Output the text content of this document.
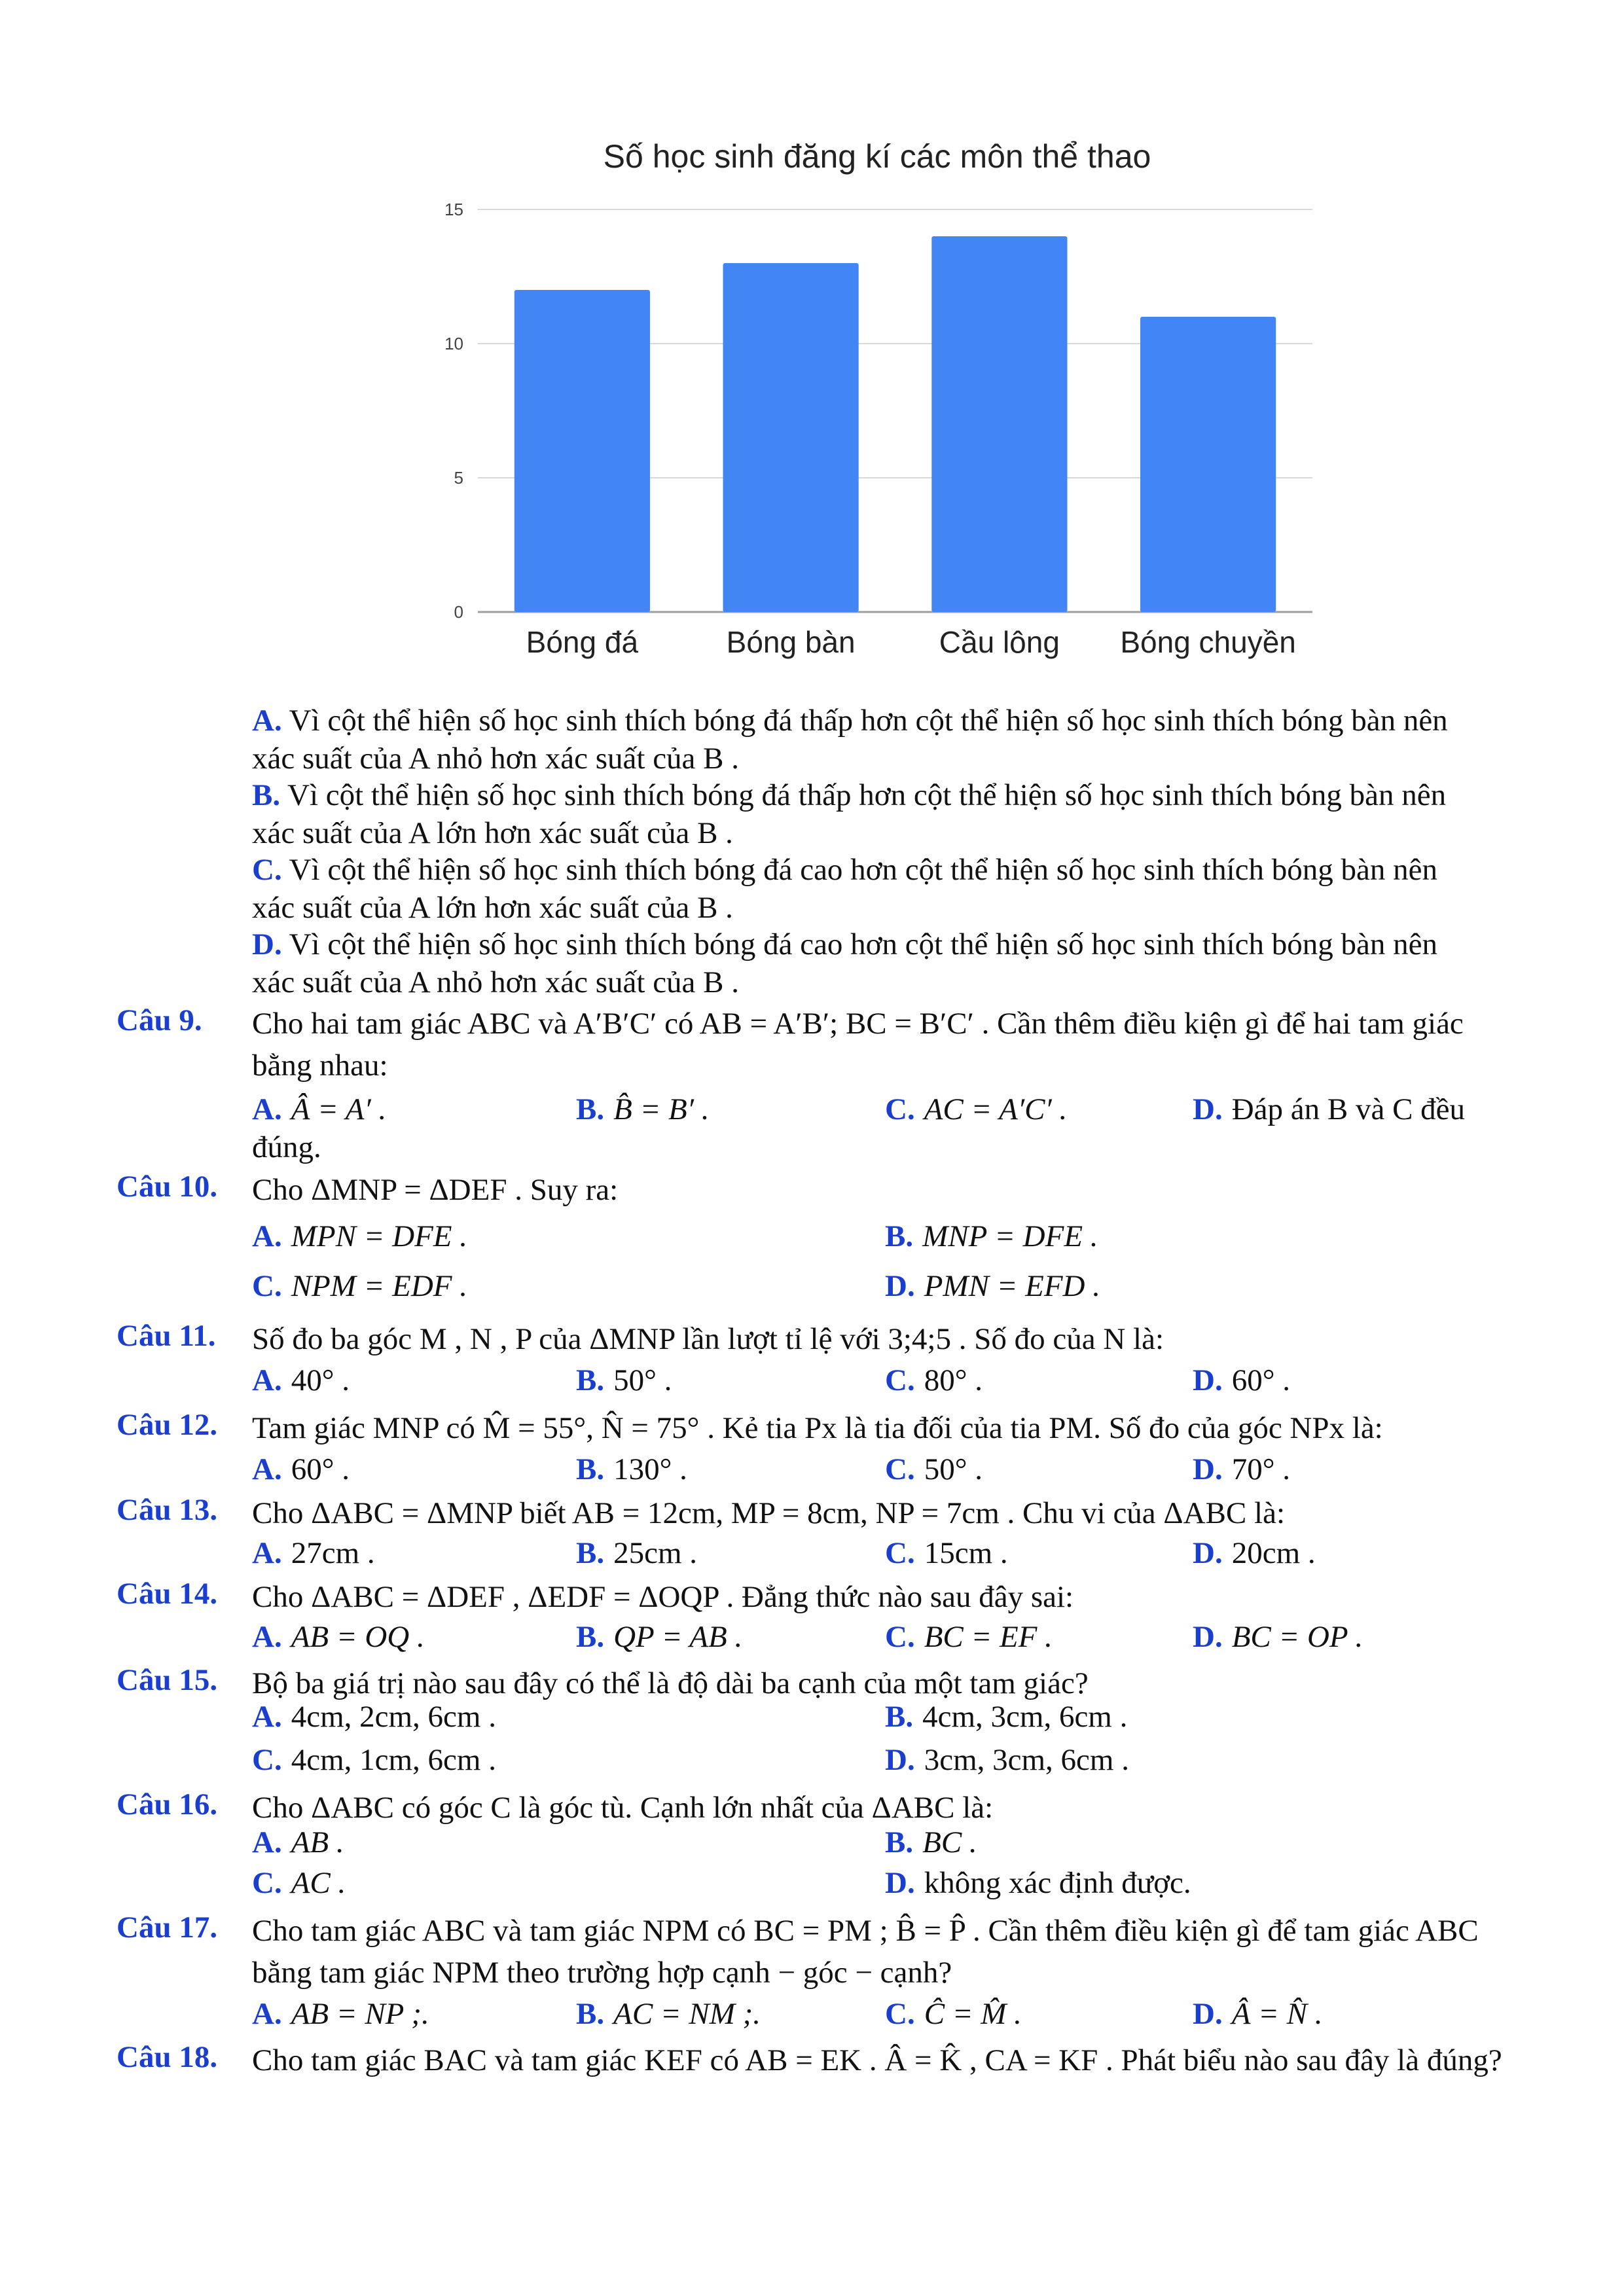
Số học sinh đăng kí các môn thể thao
0
5
10
15
Bóng đá	Bóng bàn	Cầu lông Bóng chuyền
A. Vì cột thể hiện số học sinh thích bóng đá thấp hơn cột thể hiện số học sinh thích bóng bàn nên
xác suất của A nhỏ hơn xác suất của B .
B. Vì cột thể hiện số học sinh thích bóng đá thấp hơn cột thể hiện số học sinh thích bóng bàn nên
xác suất của A lớn hơn xác suất của B .
C. Vì cột thể hiện số học sinh thích bóng đá cao hơn cột thể hiện số học sinh thích bóng bàn nên
xác suất của A lớn hơn xác suất của B .
D. Vì cột thể hiện số học sinh thích bóng đá cao hơn cột thể hiện số học sinh thích bóng bàn nên
xác suất của A nhỏ hơn xác suất của B .
Câu 9.	Cho hai tam giác ABC và A′B′C′ có AB = A′B′; BC = B′C′ . Cần thêm điều kiện gì để hai tam giác bằng nhau:
A. Â = A′ .	B. B̂ = B′ .	C. AC = A′C′ .	D. Đáp án B và C đều
đúng.
Câu 10.	Cho ΔMNP = ΔDEF . Suy ra:
A. MPN = DFE .	B. MNP = DFE .
C. NPM = EDF .	D. PMN = EFD .
Câu 11.	Số đo ba góc M , N , P của ΔMNP lần lượt tỉ lệ với 3;4;5 . Số đo của N là:
A. 40° .	B. 50° .	C. 80° .	D. 60° .
Câu 12.	Tam giác MNP có M̂ = 55°, N̂ = 75° . Kẻ tia Px là tia đối của tia PM. Số đo của góc NPx là:
A. 60° .	B. 130° .	C. 50° .	D. 70° .
Câu 13.	Cho ΔABC = ΔMNP biết AB = 12cm, MP = 8cm, NP = 7cm . Chu vi của ΔABC là:
A. 27cm .	B. 25cm .	C. 15cm .	D. 20cm .
Câu 14.	Cho ΔABC = ΔDEF , ΔEDF = ΔOQP . Đẳng thức nào sau đây sai:
A. AB = OQ .	B. QP = AB .	C. BC = EF .	D. BC = OP .
Câu 15.	Bộ ba giá trị nào sau đây có thể là độ dài ba cạnh của một tam giác?
A. 4cm, 2cm, 6cm .	B. 4cm, 3cm, 6cm .
C. 4cm, 1cm, 6cm .	D. 3cm, 3cm, 6cm .
Câu 16.	Cho ΔABC có góc C là góc tù. Cạnh lớn nhất của ΔABC là:
A. AB .	B. BC .
C. AC .	D. không xác định được.
Câu 17.	Cho tam giác ABC và tam giác NPM có BC = PM ; B̂ = P̂ . Cần thêm điều kiện gì để tam giác ABC bằng tam giác NPM theo trường hợp cạnh − góc − cạnh?
A. AB = NP ;.	B. AC = NM ;.	C. Ĉ = M̂ .	D. Â = N̂ .
Câu 18.	Cho tam giác BAC và tam giác KEF có AB = EK . Â = K̂ , CA = KF . Phát biểu nào sau đây là đúng?
